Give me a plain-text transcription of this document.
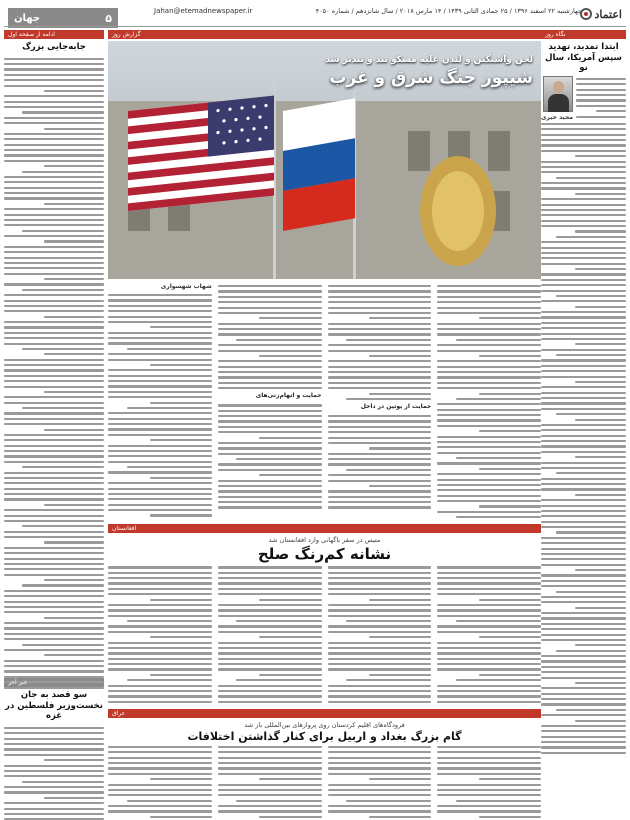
۵
جهان
Jahan@etemadnewspaper.ir	چهارشنبه ۲۲ اسفند ۱۳۹۶ / ۲۵ جمادی الثانی ۱۴۳۹ / ۱۴ مارس ۲۰۱۸ / سال شانزدهم / شماره ۴۰۵۰ اعتماد
نگاه روز
ابتدا تمدید، تهدید سپس آمریکا، سال نو
مجید خیری
ادامه از صفحه اول
جابه‌جایی بزرگ
خبر آخر
سو قصد به جان نخست‌وزیر فلسطین در غزه
گزارش روز
لحن واشنگتن و لندن علیه مسکو تند و تندتر شد
شیپور جنگ شرق و غرب
حمایت از پوتین در داخل
حمایت و اتهام‌زنی‌های
شهاب شهسواری
افغانستان
متیس در سفر ناگهانی وارد افغانستان شد
نشانه کم‌رنگ صلح
عراق
فرودگاه‌های اقلیم کردستان روی پروازهای بین‌المللی باز شد
گام بزرگ بغداد و اربیل برای کنار گذاشتن اختلافات
